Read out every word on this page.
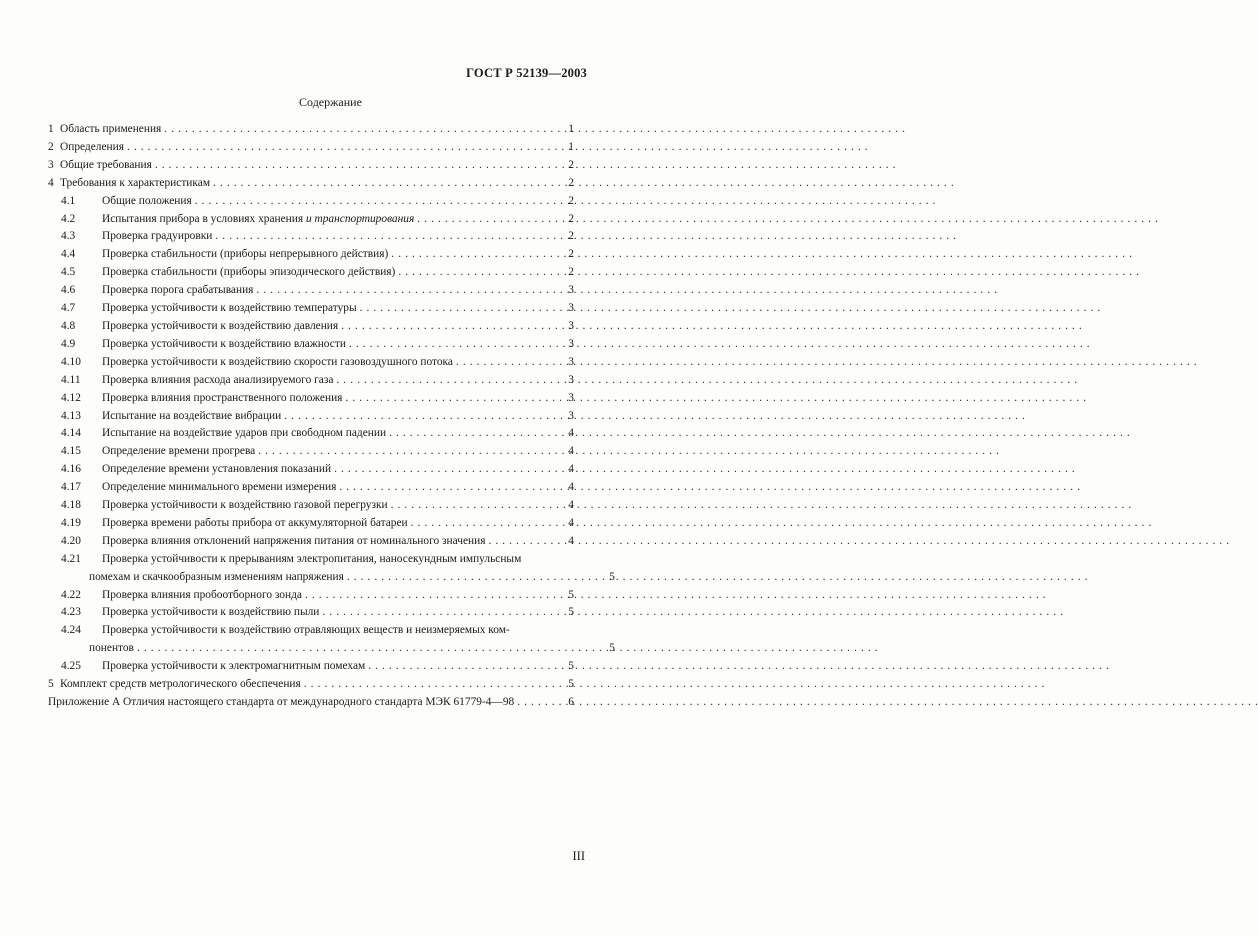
ГОСТ Р 52139—2003
Содержание
1 Область применения . . .	1
2 Определения . . .	1
3 Общие требования . . .	2
4 Требования к характеристикам . . .	2
4.1	Общие положения . . .	2
4.2	Испытания прибора в условиях хранения и транспортирования . . .	2
4.3	Проверка градуировки . . .	2
4.4	Проверка стабильности (приборы непрерывного действия) . . .	2
4.5	Проверка стабильности (приборы эпизодического действия) . . .	2
4.6	Проверка порога срабатывания . . .	3
4.7	Проверка устойчивости к воздействию температуры . . .	3
4.8	Проверка устойчивости к воздействию давления . . .	3
4.9	Проверка устойчивости к воздействию влажности . . .	3
4.10	Проверка устойчивости к воздействию скорости газовоздушного потока . . .	3
4.11	Проверка влияния расхода анализируемого газа . . .	3
4.12	Проверка влияния пространственного положения . . .	3
4.13	Испытание на воздействие вибрации . . .	3
4.14	Испытание на воздействие ударов при свободном падении . . .	4
4.15	Определение времени прогрева . . .	4
4.16	Определение времени установления показаний . . .	4
4.17	Определение минимального времени измерения . . .	4
4.18	Проверка устойчивости к воздействию газовой перегрузки . . .	4
4.19	Проверка времени работы прибора от аккумуляторной батареи . . .	4
4.20	Проверка влияния отклонений напряжения питания от номинального значения . . .	4
4.21	Проверка устойчивости к прерываниям электропитания, наносекундным импульсным
помехам и скачкообразным изменениям напряжения . . .	5
4.22	Проверка влияния пробоотборного зонда . . .	5
4.23	Проверка устойчивости к воздействию пыли . . .	5
4.24	Проверка устойчивости к воздействию отравляющих веществ и неизмеряемых ком-
понентов . . .	5
4.25	Проверка устойчивости к электромагнитным помехам . . .	5
5 Комплект средств метрологического обеспечения . . .	5
Приложение А Отличия настоящего стандарта от международного стандарта МЭК 61779-4—98 . . .	6
III
